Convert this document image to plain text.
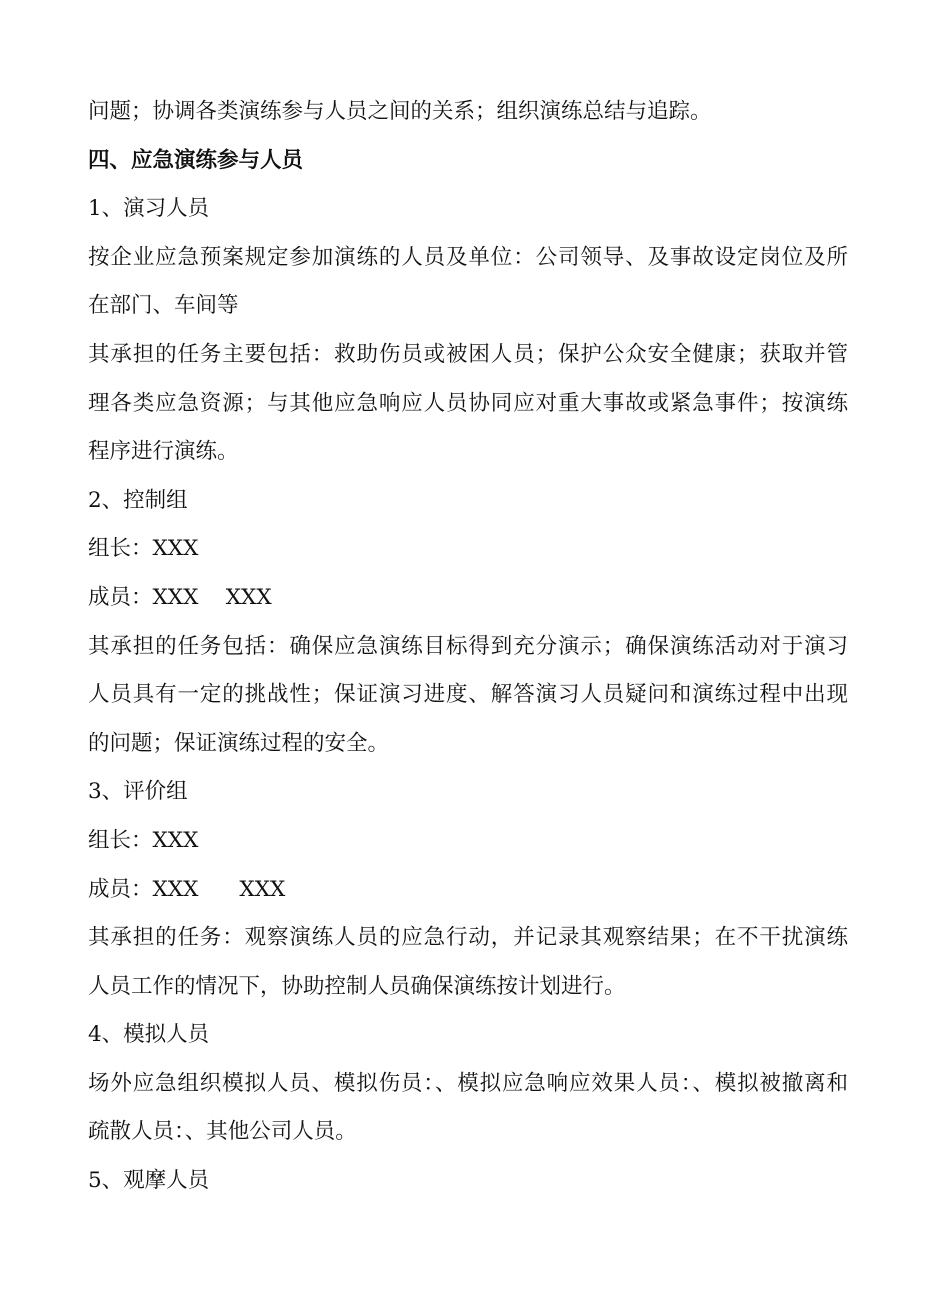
问题；协调各类演练参与人员之间的关系；组织演练总结与追踪。
四、应急演练参与人员
1、演习人员
按企业应急预案规定参加演练的人员及单位：公司领导、及事故设定岗位及所
在部门、车间等
其承担的任务主要包括：救助伤员或被困人员；保护公众安全健康；获取并管
理各类应急资源；与其他应急响应人员协同应对重大事故或紧急事件；按演练
程序进行演练。
2、控制组
组长：XXX
成员：XXX    XXX
其承担的任务包括：确保应急演练目标得到充分演示；确保演练活动对于演习
人员具有一定的挑战性；保证演习进度、解答演习人员疑问和演练过程中出现
的问题；保证演练过程的安全。
3、评价组
组长：XXX
成员：XXX      XXX
其承担的任务：观察演练人员的应急行动，并记录其观察结果；在不干扰演练
人员工作的情况下，协助控制人员确保演练按计划进行。
4、模拟人员
场外应急组织模拟人员、模拟伤员：、模拟应急响应效果人员：、模拟被撤离和
疏散人员：、其他公司人员。
5、观摩人员
